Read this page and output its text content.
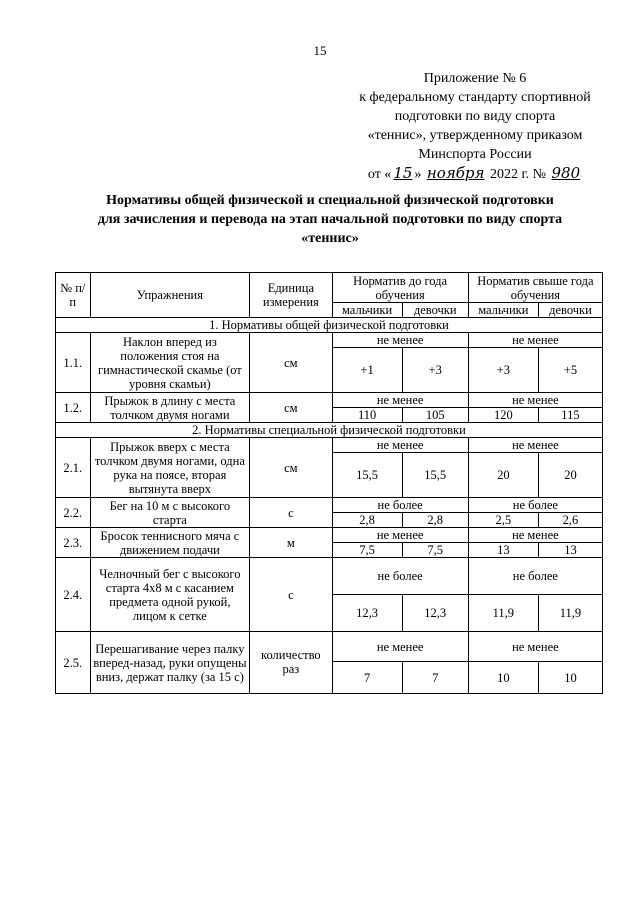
15
Приложение № 6
к федеральному стандарту спортивной
подготовки по виду спорта
«теннис», утвержденному приказом
Минспорта России
от « 15 » ноября 2022 г. № 980
Нормативы общей физической и специальной физической подготовки
для зачисления и перевода на этап начальной подготовки по виду спорта
«теннис»
№ п/п	Упражнения	Единица измерения	Норматив до года обучения		Норматив свыше года обучения	
			мальчики	девочки	мальчики	девочки
1. Нормативы общей физической подготовки						
1.1.	Наклон вперед из положения стоя на гимнастической скамье (от уровня скамьи)	см	не менее		не менее	
			+1	+3	+3	+5
1.2.	Прыжок в длину с места толчком двумя ногами	см	не менее		не менее	
			110	105	120	115
2. Нормативы специальной физической подготовки						
2.1.	Прыжок вверх с места толчком двумя ногами, одна рука на поясе, вторая вытянута вверх	см	не менее		не менее	
			15,5	15,5	20	20
2.2.	Бег на 10 м с высокого старта	с	не более		не более	
			2,8	2,8	2,5	2,6
2.3.	Бросок теннисного мяча с движением подачи	м	не менее		не менее	
			7,5	7,5	13	13
2.4.	Челночный бег с высокого старта 4x8 м с касанием предмета одной рукой, лицом к сетке	с	не более		не более	
			12,3	12,3	11,9	11,9
2.5.	Перешагивание через палку вперед-назад, руки опущены вниз, держат палку (за 15 с)	количество раз	не менее		не менее	
			7	7	10	10
